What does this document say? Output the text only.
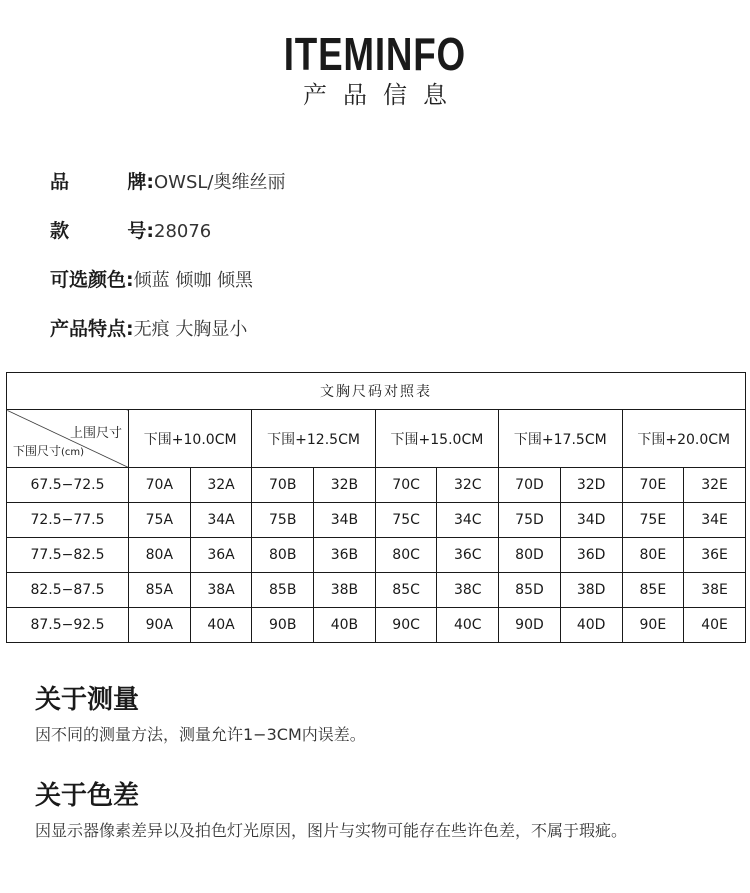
ITEMINFO
产品信息
品	牌: OWSL/奥维丝丽
款	号: 28076
可选颜色:倾蓝 倾咖 倾黑
产品特点:无痕 大胸显小
文胸尺码对照表										

上围尺寸
下围尺寸(cm)	下围+10.0CM		下围+12.5CM		下围+15.0CM		下围+17.5CM		下围+20.0CM	
67.5−72.5	70A	32A	70B	32B	70C	32C	70D	32D	70E	32E
72.5−77.5	75A	34A	75B	34B	75C	34C	75D	34D	75E	34E
77.5−82.5	80A	36A	80B	36B	80C	36C	80D	36D	80E	36E
82.5−87.5	85A	38A	85B	38B	85C	38C	85D	38D	85E	38E
87.5−92.5	90A	40A	90B	40B	90C	40C	90D	40D	90E	40E
关于测量
因不同的测量方法，测量允许1−3CM内误差。
关于色差
因显示器像素差异以及拍色灯光原因，图片与实物可能存在些许色差，不属于瑕疵。
